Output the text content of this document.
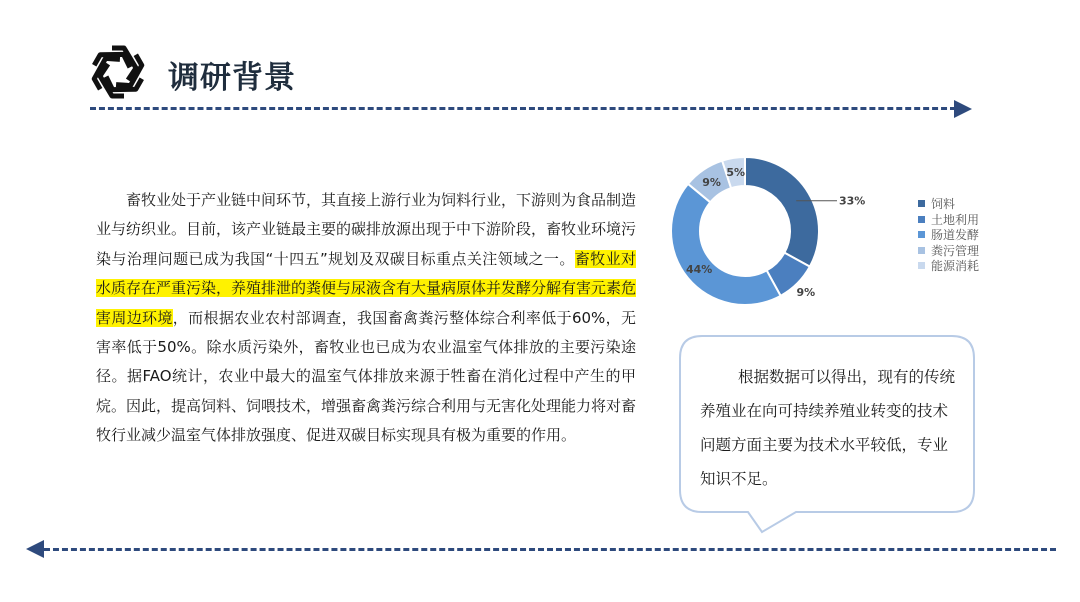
调研背景
畜牧业处于产业链中间环节，其直接上游行业为饲料行业，下游则为食品制造业与纺织业。目前，该产业链最主要的碳排放源出现于中下游阶段，畜牧业环境污染与治理问题已成为我国“十四五”规划及双碳目标重点关注领域之一。畜牧业对水质存在严重污染，养殖排泄的粪便与尿液含有大量病原体并发酵分解有害元素危害周边环境，而根据农业农村部调查，我国畜禽粪污整体综合利率低于60%，无害率低于50%。除水质污染外，畜牧业也已成为农业温室气体排放的主要污染途径。据FAO统计，农业中最大的温室气体排放来源于牲畜在消化过程中产生的甲烷。因此，提高饲料、饲喂技术，增强畜禽粪污综合利用与无害化处理能力将对畜牧行业减少温室气体排放强度、促进双碳目标实现具有极为重要的作用。
33%
9%
44%
9%
5%
饲料
土地利用
肠道发酵
粪污管理
能源消耗
根据数据可以得出，现有的传统养殖业在向可持续养殖业转变的技术问题方面主要为技术水平较低，专业知识不足。
